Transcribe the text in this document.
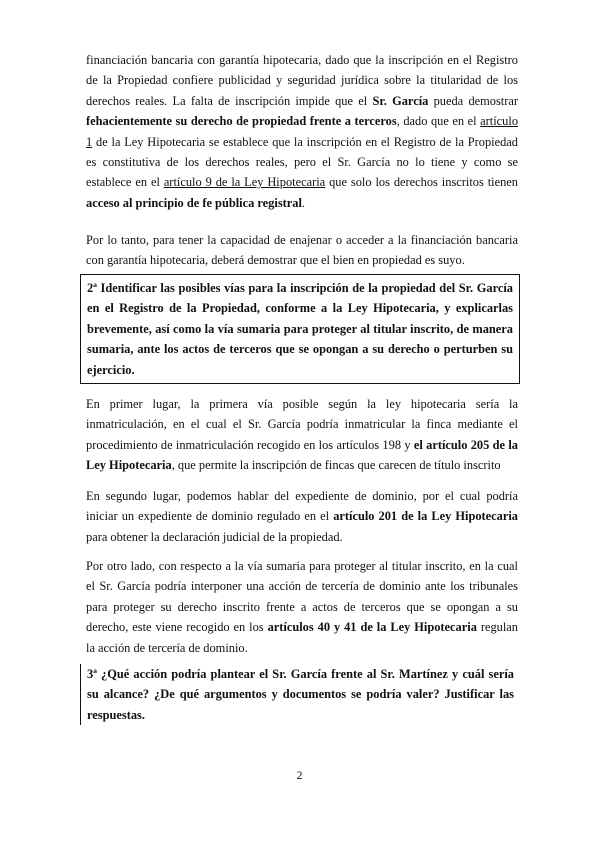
financiación bancaria con garantía hipotecaria, dado que la inscripción en el Registro de la Propiedad confiere publicidad y seguridad jurídica sobre la titularidad de los derechos reales. La falta de inscripción impide que el Sr. García pueda demostrar fehacientemente su derecho de propiedad frente a terceros, dado que en el artículo 1 de la Ley Hipotecaria se establece que la inscripción en el Registro de la Propiedad es constitutiva de los derechos reales, pero el Sr. García no lo tiene y como se establece en el artículo 9 de la Ley Hipotecaria que solo los derechos inscritos tienen acceso al principio de fe pública registral.

Por lo tanto, para tener la capacidad de enajenar o acceder a la financiación bancaria con garantía hipotecaria, deberá demostrar que el bien en propiedad es suyo.

2ª Identificar las posibles vías para la inscripción de la propiedad del Sr. García en el Registro de la Propiedad, conforme a la Ley Hipotecaria, y explicarlas brevemente, así como la vía sumaria para proteger al titular inscrito, de manera sumaria, ante los actos de terceros que se opongan a su derecho o perturben su ejercicio.

En primer lugar, la primera vía posible según la ley hipotecaria sería la inmatriculación, en el cual el Sr. García podría inmatricular la finca mediante el procedimiento de inmatriculación recogido en los artículos 198 y el artículo 205 de la Ley Hipotecaria, que permite la inscripción de fincas que carecen de título inscrito

En segundo lugar, podemos hablar del expediente de dominio, por el cual podría iniciar un expediente de dominio regulado en el artículo 201 de la Ley Hipotecaria para obtener la declaración judicial de la propiedad.

Por otro lado, con respecto a la vía sumaria para proteger al titular inscrito, en la cual el Sr. García podría interponer una acción de tercería de dominio ante los tribunales para proteger su derecho inscrito frente a actos de terceros que se opongan a su derecho, este viene recogido en los artículos 40 y 41 de la Ley Hipotecaria regulan la acción de tercería de dominio.

3ª ¿Qué acción podría plantear el Sr. García frente al Sr. Martínez y cuál sería su alcance? ¿De qué argumentos y documentos se podría valer? Justificar las respuestas.

2
